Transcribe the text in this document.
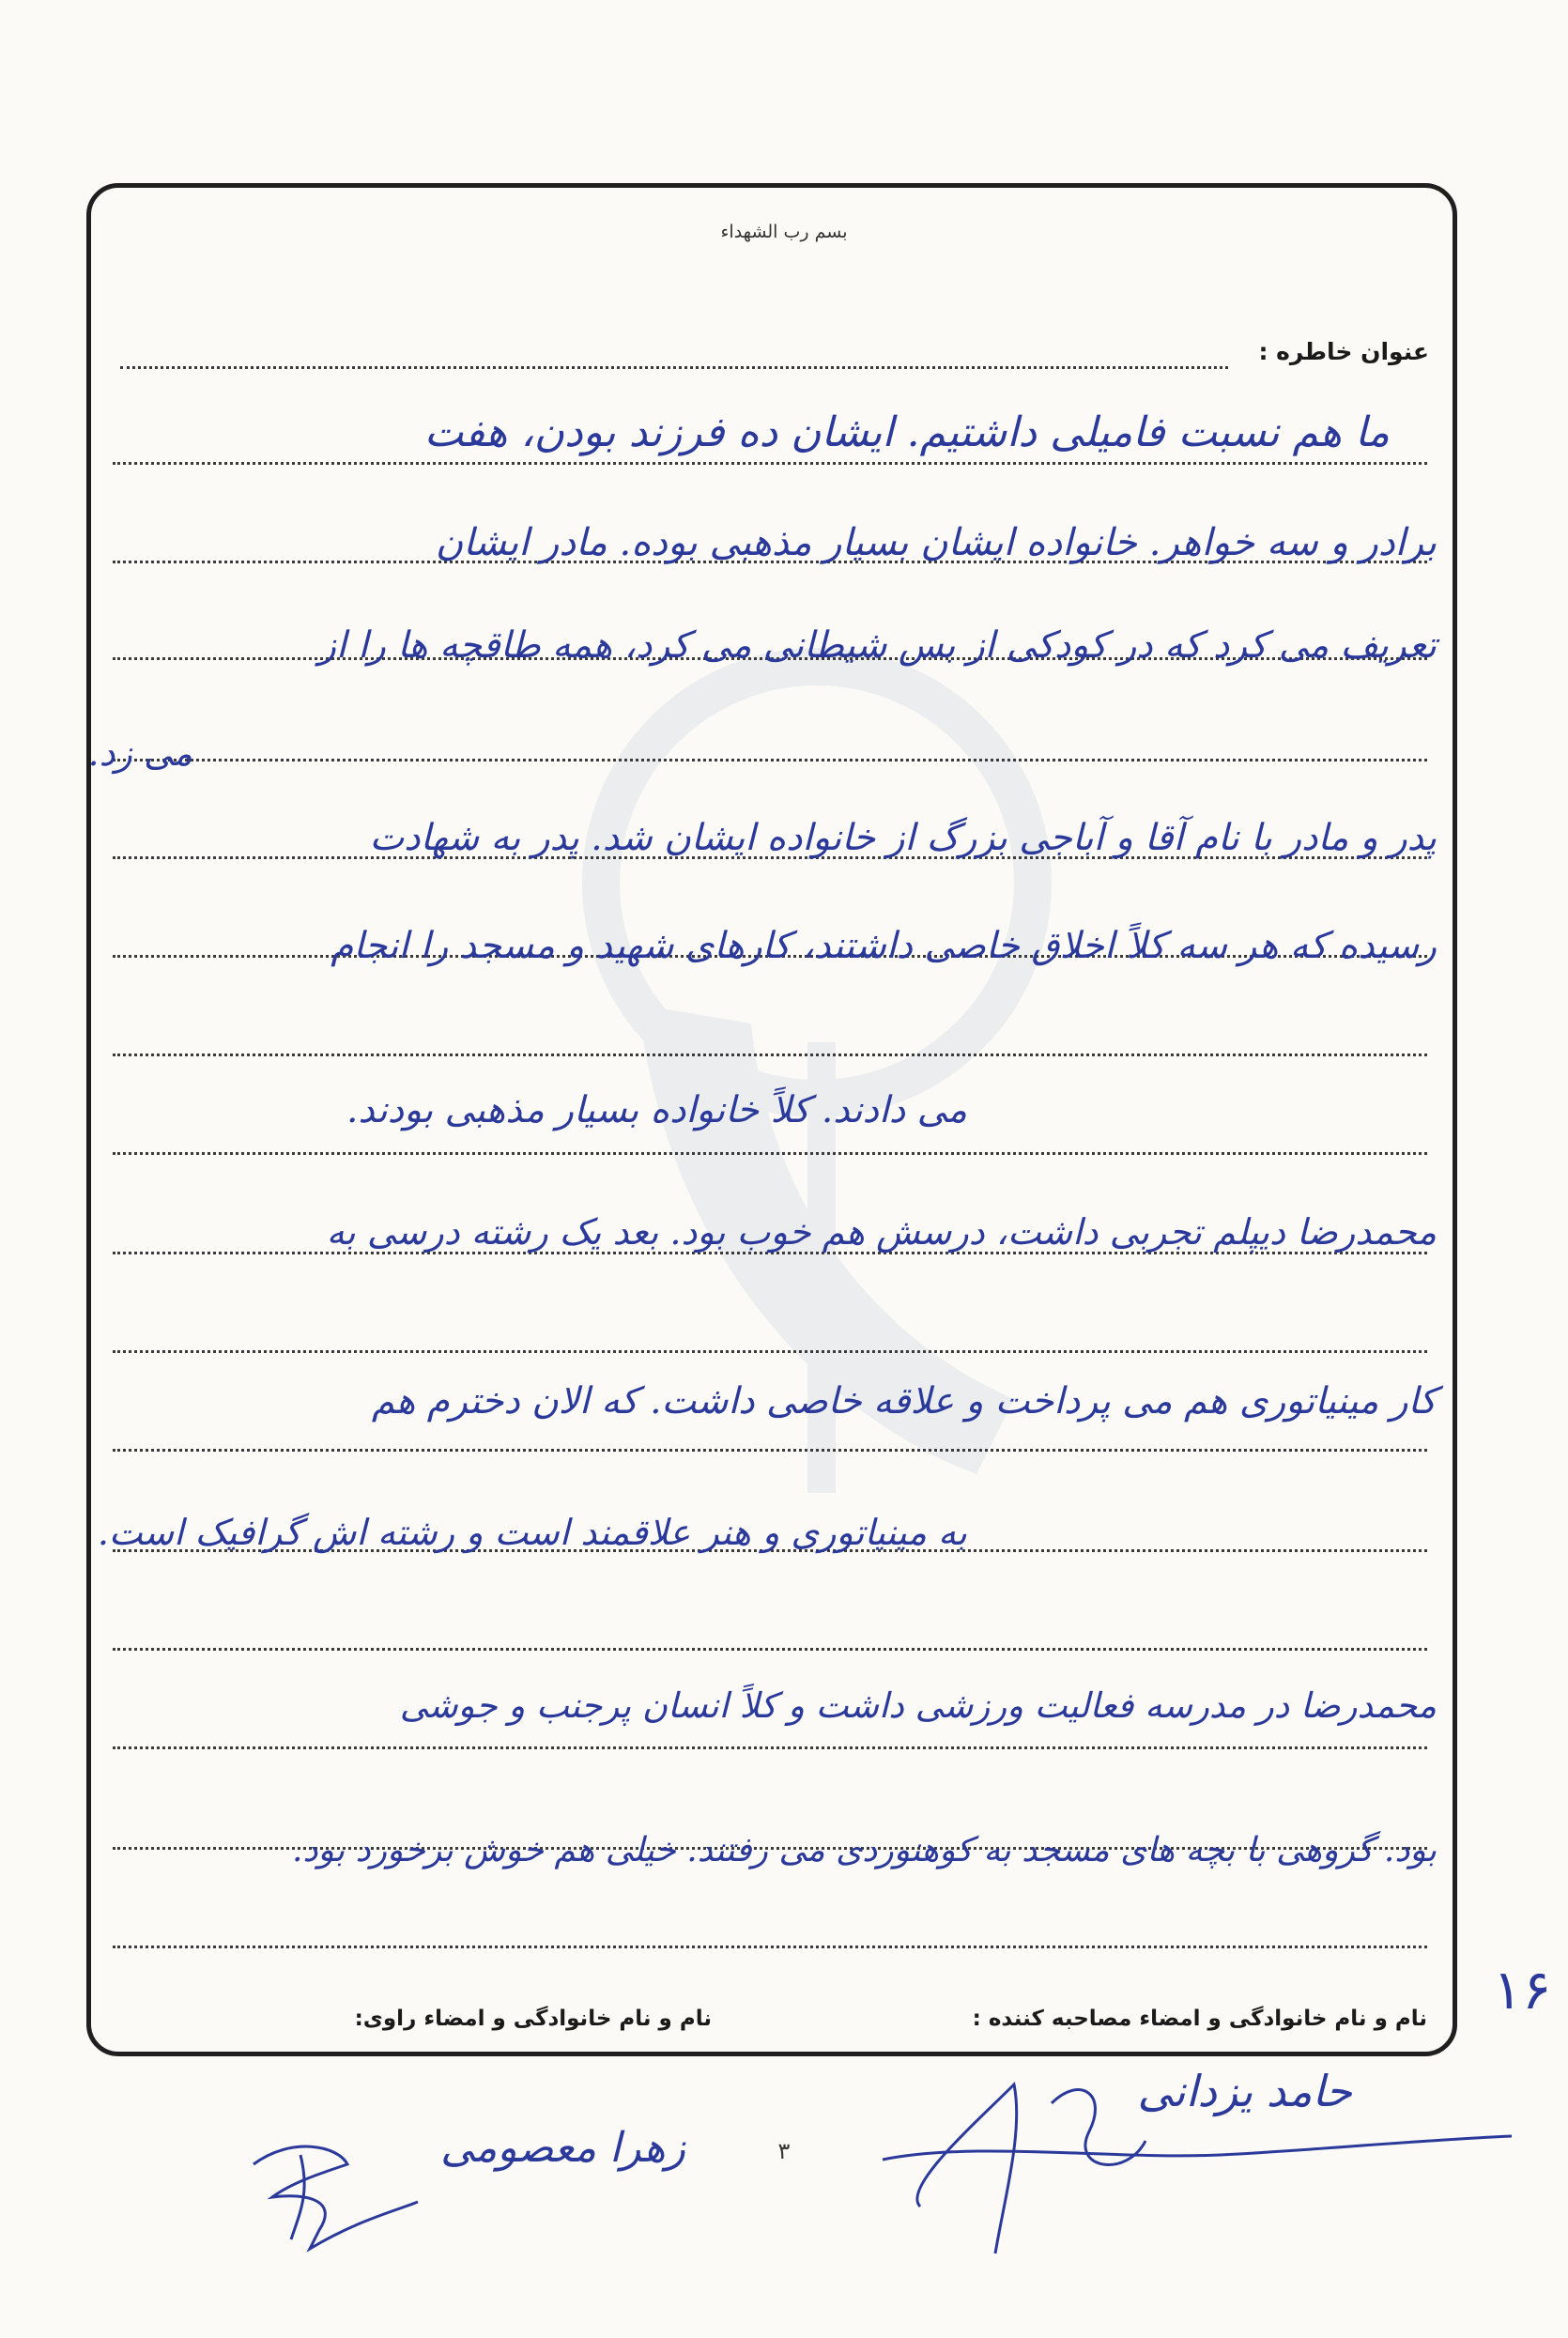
بسم رب الشهداء
عنوان خاطره :
ما هم نسبت فامیلی داشتیم. ایشان ده فرزند بودن، هفت
برادر و سه خواهر. خانواده ایشان بسیار مذهبی بوده. مادر ایشان
تعریف می کرد که در کودکی از بس شیطانی می کرد، همه طاقچه ها را از
می زد.
پدر و مادر با نام آقا و آباجی بزرگ از خانواده ایشان شد. پدر به شهادت
رسیده که هر سه کلاً اخلاق خاصی داشتند، کارهای شهید و مسجد را انجام
می دادند. کلاً خانواده بسیار مذهبی بودند.
محمدرضا دیپلم تجربی داشت، درسش هم خوب بود. بعد یک رشته درسی به
کار مینیاتوری هم می پرداخت و علاقه خاصی داشت. که الان دخترم هم
به مینیاتوری و هنر علاقمند است و رشته اش گرافیک است.
محمدرضا در مدرسه فعالیت ورزشی داشت و کلاً انسان پرجنب و جوشی
بود. گروهی با بچه های مسجد به کوهنوردی می رفتند. خیلی هم خوش برخورد بود.
۱۶
نام و نام خانوادگی و امضاء مصاحبه کننده :
نام و نام خانوادگی و امضاء راوی:
زهرا معصومی
حامد یزدانی
۳
